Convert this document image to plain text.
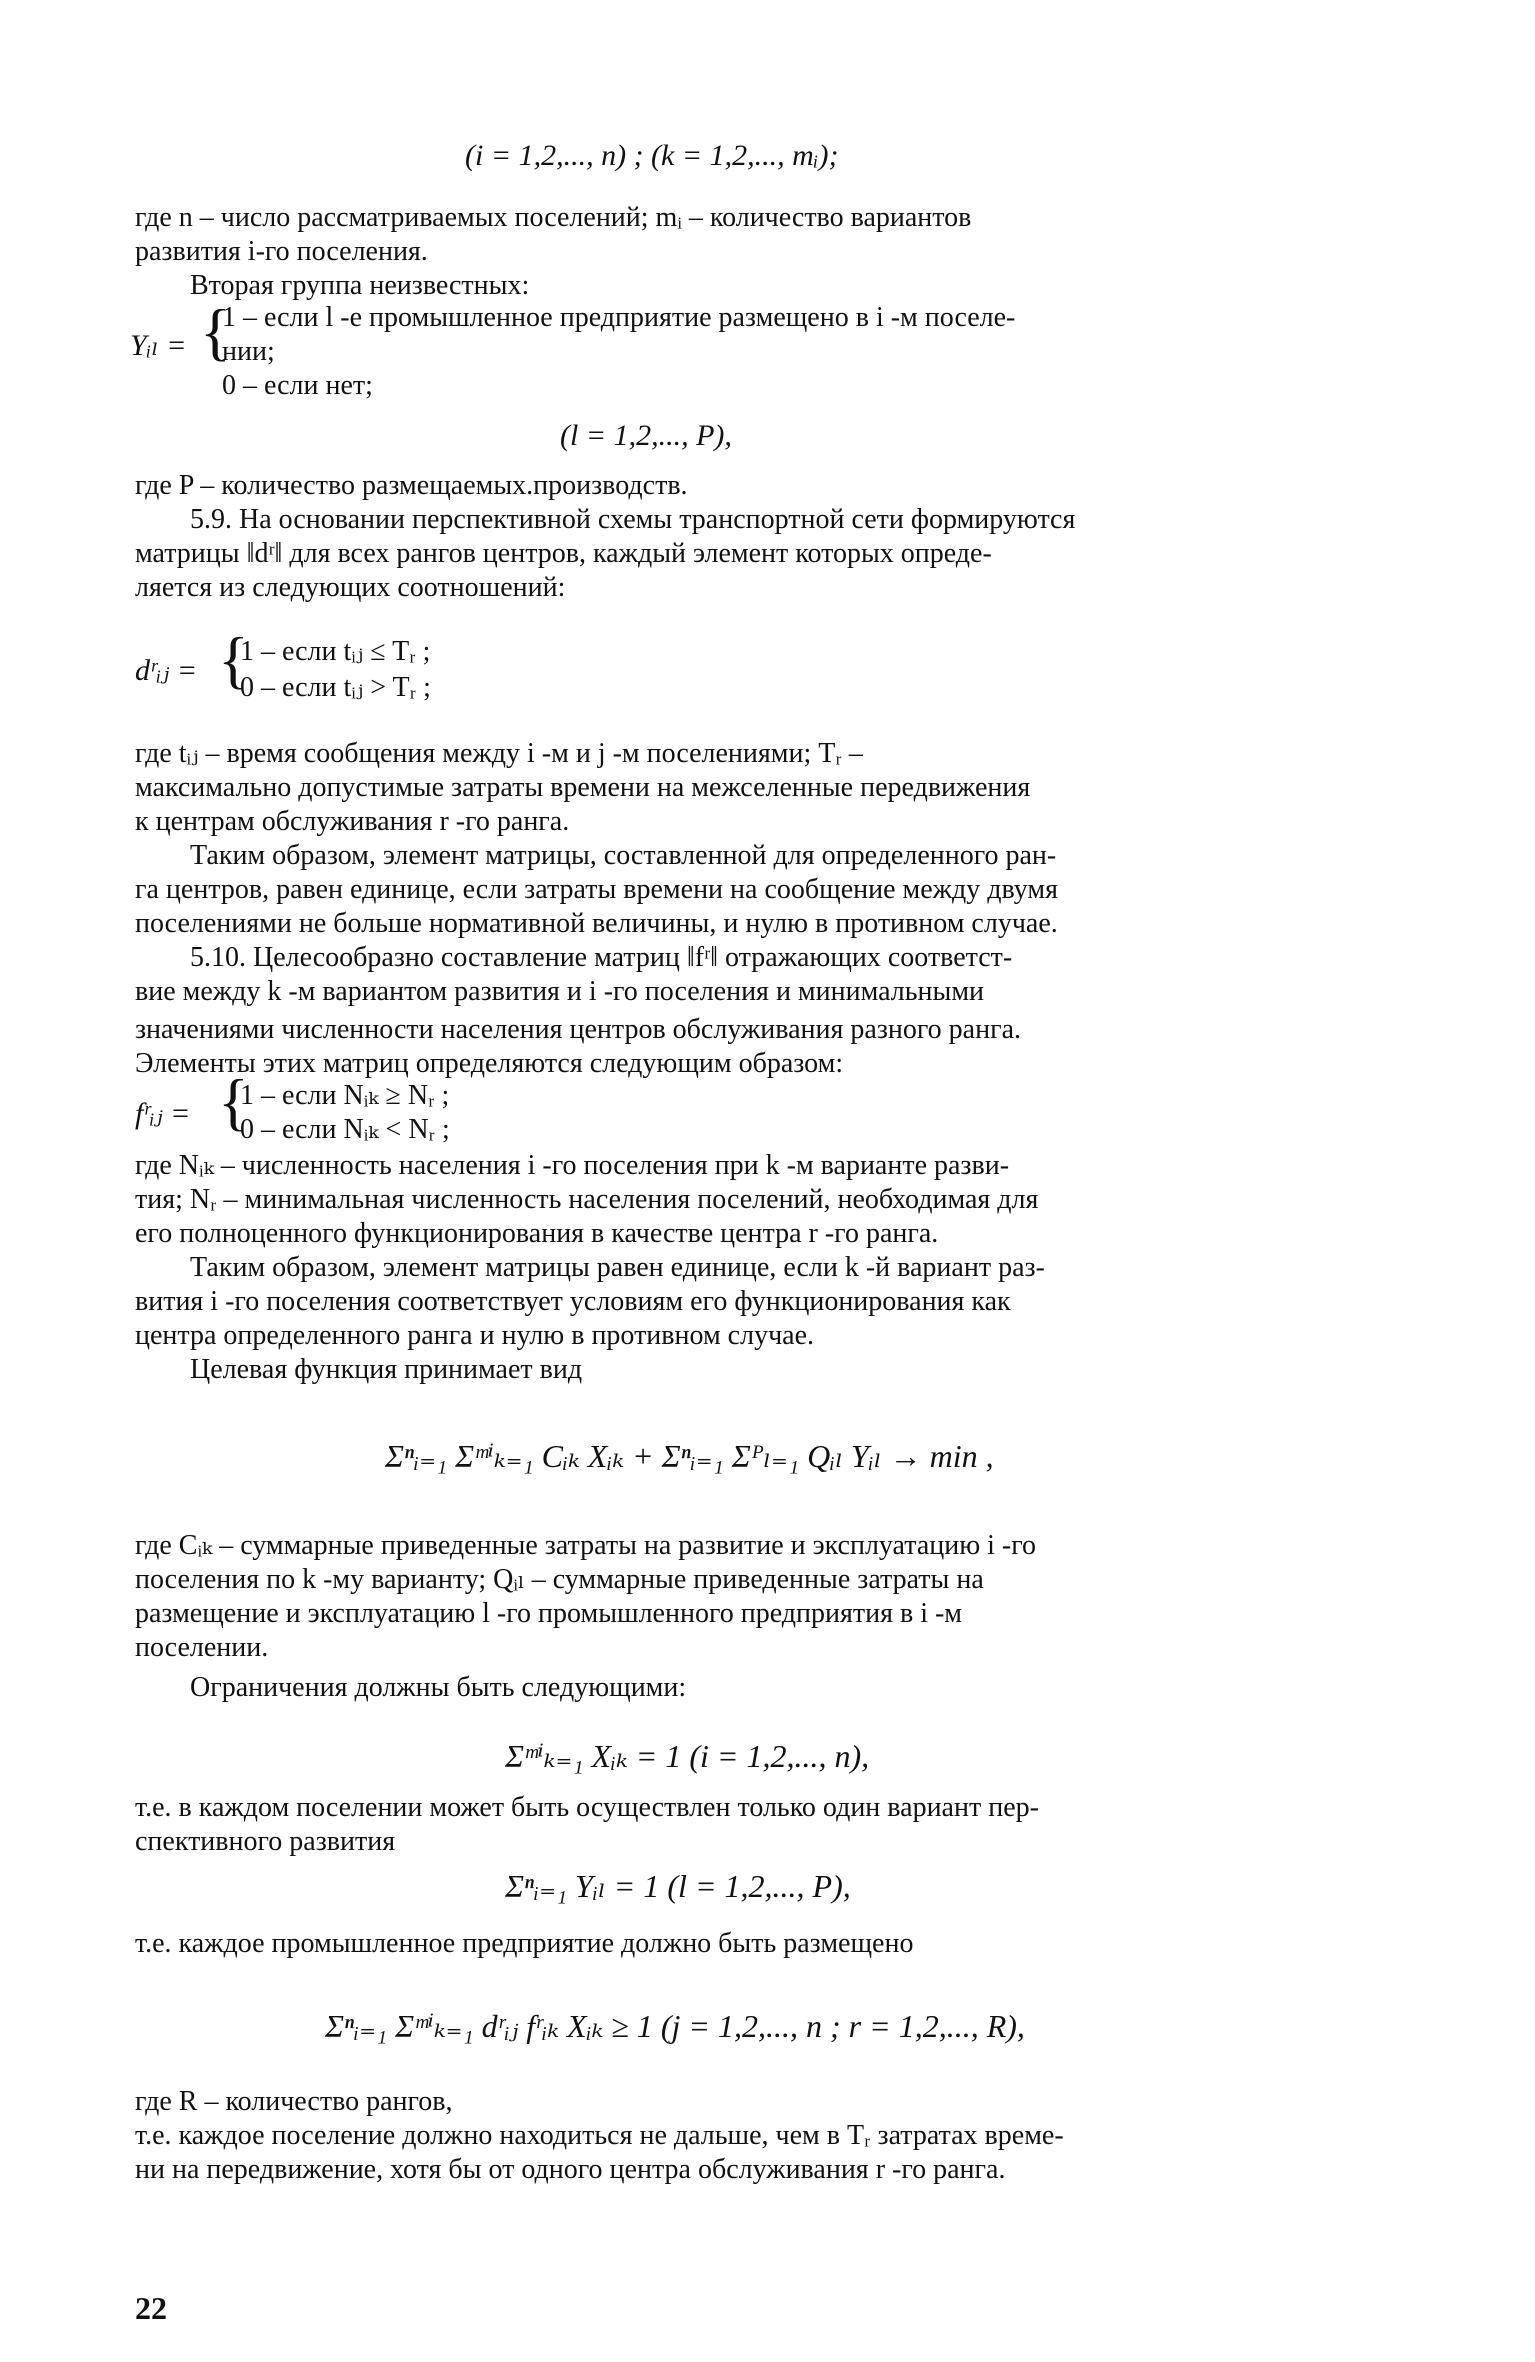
(i = 1,2,..., n) ; (k = 1,2,..., mᵢ);
где n – число рассматриваемых поселений; mᵢ – количество вариантов
развития i-го поселения.
Вторая группа неизвестных:
Yᵢₗ = {
1 – если l -е промышленное предприятие размещено в i -м поселе-
нии;
0 – если нет;
(l = 1,2,..., P),
где P – количество размещаемых.производств.
5.9. На основании перспективной схемы транспортной сети формируются
матрицы ‖dʳ‖ для всех рангов центров, каждый элемент которых опреде-
ляется из следующих соотношений:
dʳᵢⱼ = {
1 – если tᵢⱼ ≤ Tᵣ ;
0 – если tᵢⱼ > Tᵣ ;
где tᵢⱼ – время сообщения между i -м и j -м поселениями; Tᵣ –
максимально допустимые затраты времени на межселенные передвижения
к центрам обслуживания r -го ранга.
Таким образом, элемент матрицы, составленной для определенного ран-
га центров, равен единице, если затраты времени на сообщение между двумя
поселениями не больше нормативной величины, и нулю в противном случае.
5.10. Целесообразно составление матриц ‖fʳ‖ отражающих соответст-
вие между k -м вариантом развития и i -го поселения и минимальными
значениями численности населения центров обслуживания разного ранга.
Элементы этих матриц определяются следующим образом:
fʳᵢⱼ = {
1 – если Nᵢₖ ≥ Nᵣ ;
0 – если Nᵢₖ < Nᵣ ;
где Nᵢₖ – численность населения i -го поселения при k -м варианте разви-
тия; Nᵣ – минимальная численность населения поселений, необходимая для
его полноценного функционирования в качестве центра r -го ранга.
Таким образом, элемент матрицы равен единице, если k -й вариант раз-
вития i -го поселения соответствует условиям его функционирования как
центра определенного ранга и нулю в противном случае.
Целевая функция принимает вид
Σⁿᵢ₌₁ Σᵐⁱₖ₌₁ Cᵢₖ Xᵢₖ + Σⁿᵢ₌₁ Σᴾₗ₌₁ Qᵢₗ Yᵢₗ → min ,
где Cᵢₖ – суммарные приведенные затраты на развитие и эксплуатацию i -го
поселения по k -му варианту; Qᵢₗ – суммарные приведенные затраты на
размещение и эксплуатацию l -го промышленного предприятия в i -м
поселении.
Ограничения должны быть следующими:
Σᵐⁱₖ₌₁ Xᵢₖ = 1 (i = 1,2,..., n),
т.е. в каждом поселении может быть осуществлен только один вариант пер-
спективного развития
Σⁿᵢ₌₁ Yᵢₗ = 1 (l = 1,2,..., P),
т.е. каждое промышленное предприятие должно быть размещено
Σⁿᵢ₌₁ Σᵐⁱₖ₌₁ dʳᵢⱼ fʳᵢₖ Xᵢₖ ≥ 1 (j = 1,2,..., n ; r = 1,2,..., R),
где R – количество рангов,
т.е. каждое поселение должно находиться не дальше, чем в Tᵣ затратах време-
ни на передвижение, хотя бы от одного центра обслуживания r -го ранга.
22
